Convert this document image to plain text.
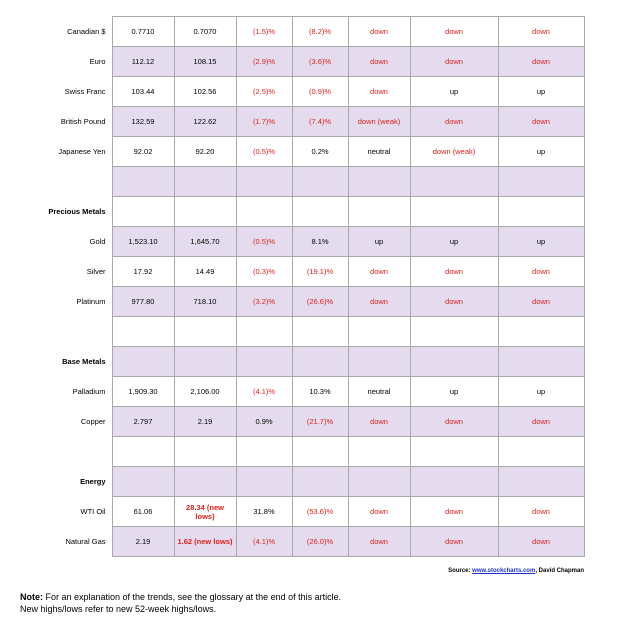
Canadian $	0.7710	0.7070	(1.5)%	(8.2)%	down	down	down
Euro	112.12	108.15	(2.9)%	(3.6)%	down	down	down
Swiss Franc	103.44	102.56	(2.5)%	(0.9)%	down	up	up
British Pound	132.59	122.62	(1.7)%	(7.4)%	down (weak)	down	down
Japanese Yen	92.02	92.20	(0.5)%	0.2%	neutral	down (weak)	up

Precious Metals							
Gold	1,523.10	1,645.70	(0.5)%	8.1%	up	up	up
Silver	17.92	14.49	(0.3)%	(19.1)%	down	down	down
Platinum	977.80	718.10	(3.2)%	(26.6)%	down	down	down

Base Metals							
Palladium	1,909.30	2,106.00	(4.1)%	10.3%	neutral	up	up
Copper	2.797	2.19	0.9%	(21.7)%	down	down	down

Energy							
WTI Oil	61.06	28.34 (new lows)	31.8%	(53.6)%	down	down	down
Natural Gas	2.19	1.62 (new lows)	(4.1)%	(26.0)%	down	down	down
Source: www.stockcharts.com, David Chapman
Note: For an explanation of the trends, see the glossary at the end of this article.
New highs/lows refer to new 52-week highs/lows.
